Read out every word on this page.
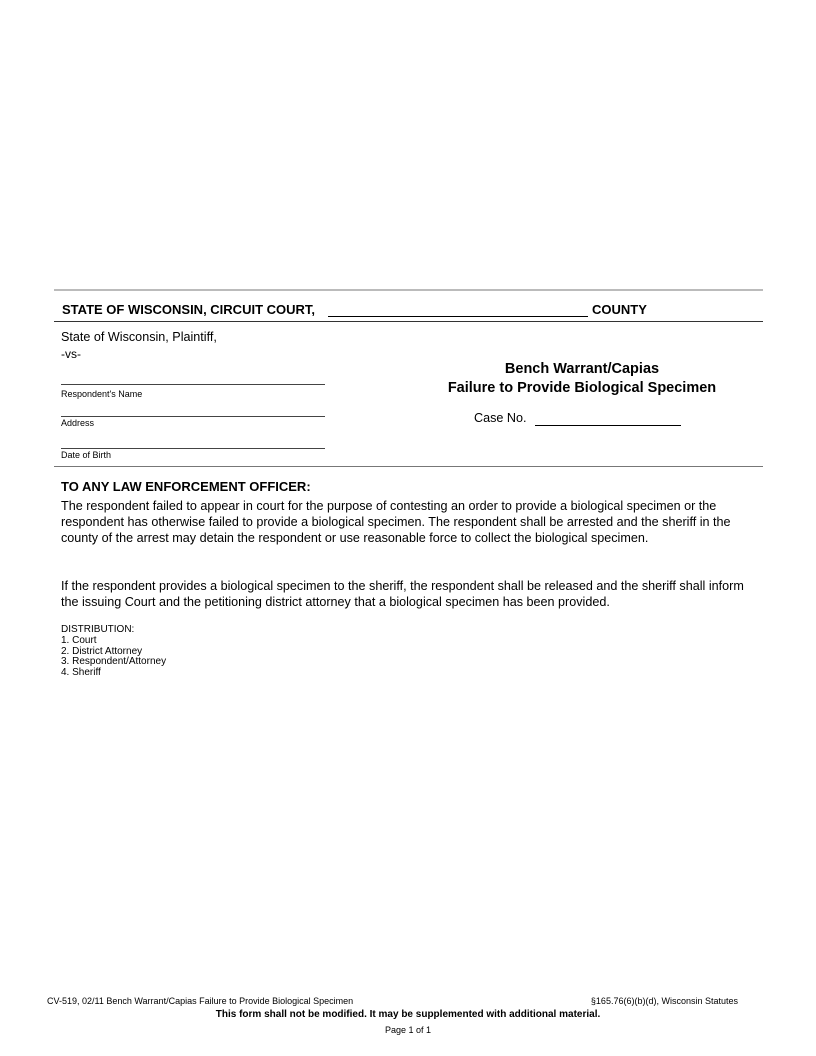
STATE OF WISCONSIN, CIRCUIT COURT,	COUNTY
State of Wisconsin, Plaintiff,
-vs-
Respondent's Name
Address
Date of Birth
Bench Warrant/Capias
Failure to Provide Biological Specimen
Case No.
TO ANY LAW ENFORCEMENT OFFICER:
The respondent failed to appear in court for the purpose of contesting an order to provide a biological specimen or the respondent has otherwise failed to provide a biological specimen. The respondent shall be arrested and the sheriff in the county of the arrest may detain the respondent or use reasonable force to collect the biological specimen.
If the respondent provides a biological specimen to the sheriff, the respondent shall be released and the sheriff shall inform the issuing Court and the petitioning district attorney that a biological specimen has been provided.
DISTRIBUTION:
1. Court
2. District Attorney
3. Respondent/Attorney
4. Sheriff
CV-519, 02/11 Bench Warrant/Capias Failure to Provide Biological Specimen	§165.76(6)(b)(d), Wisconsin Statutes
This form shall not be modified. It may be supplemented with additional material.
Page 1 of 1
